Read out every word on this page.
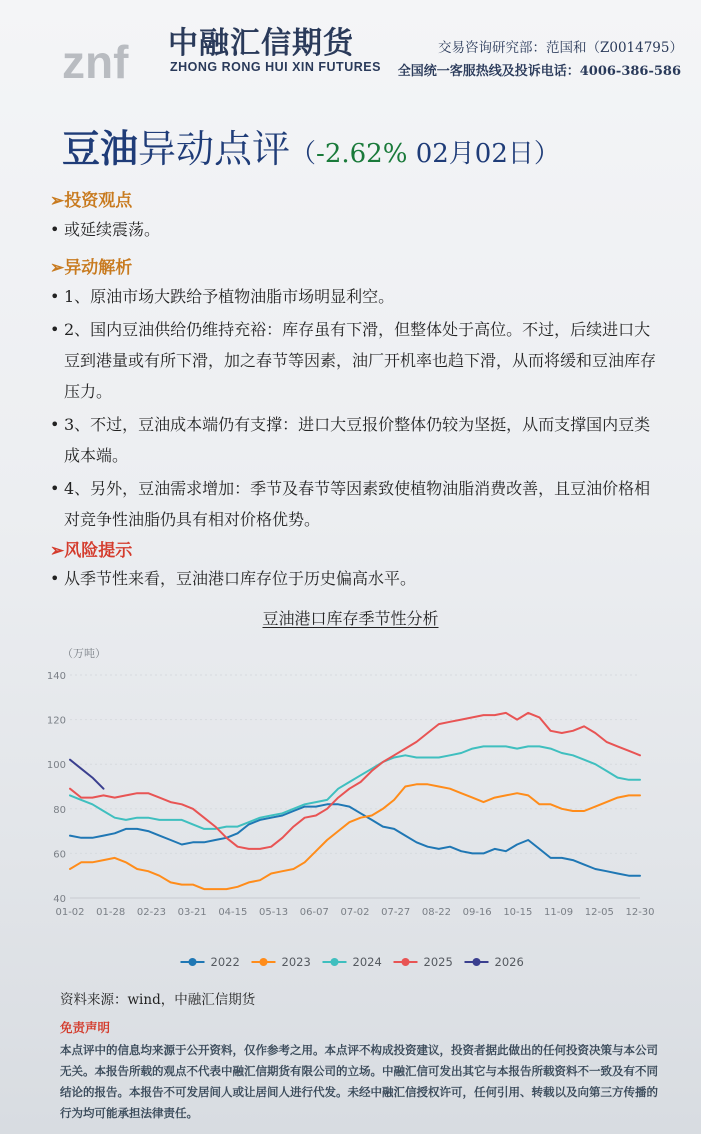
znf 中融汇信期货
ZHONG RONG HUI XIN FUTURES
交易咨询研究部：范国和（Z0014795）
全国统一客服热线及投诉电话：4006-386-586
豆油异动点评（-2.62% 02月02日）
➢投资观点
• 或延续震荡。
➢异动解析
• 1、原油市场大跌给予植物油脂市场明显利空。
• 2、国内豆油供给仍维持充裕：库存虽有下滑，但整体处于高位。不过，后续进口大豆到港量或有所下滑，加之春节等因素，油厂开机率也趋下滑，从而将缓和豆油库存压力。
• 3、不过，豆油成本端仍有支撑：进口大豆报价整体仍较为坚挺，从而支撑国内豆类成本端。
• 4、另外，豆油需求增加：季节及春节等因素致使植物油脂消费改善，且豆油价格相对竞争性油脂仍具有相对价格优势。
➢风险提示
• 从季节性来看，豆油港口库存位于历史偏高水平。
豆油港口库存季节性分析
（万吨）
40
60
80
100
120
140
01-02 01-28 02-23 03-21 04-15 05-13 06-07 07-02 07-27 08-22 09-16 10-15 11-09 12-05 12-30
2022	2023	2024	2025	2026
资料来源：wind，中融汇信期货
免责声明
本点评中的信息均来源于公开资料，仅作参考之用。本点评不构成投资建议，投资者据此做出的任何投资决策与本公司无关。本报告所载的观点不代表中融汇信期货有限公司的立场。中融汇信可发出其它与本报告所载资料不一致及有不同结论的报告。本报告不可发居间人或让居间人进行代发。未经中融汇信授权许可，任何引用、转载以及向第三方传播的行为均可能承担法律责任。
